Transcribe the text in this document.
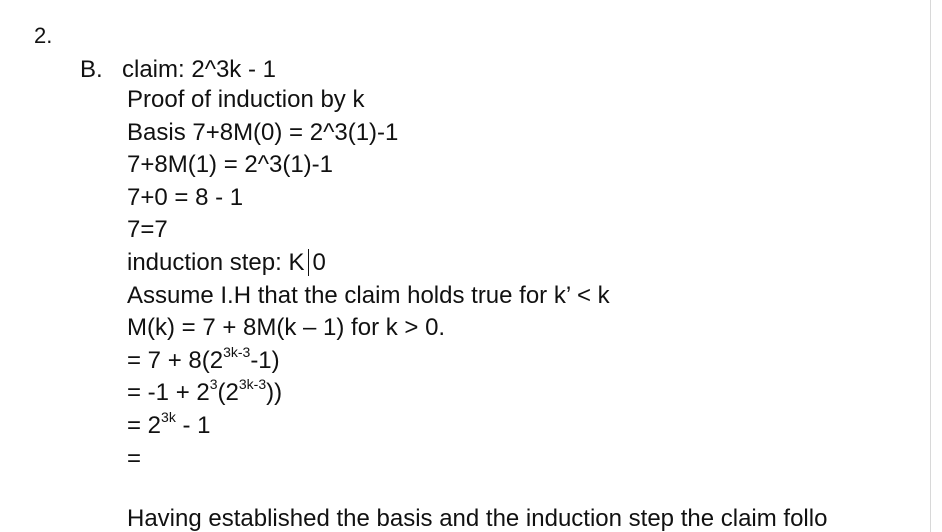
2.
B. claim: 2^3k - 1
Proof of induction by k
Basis 7+8M(0) = 2^3(1)-1
7+8M(1) = 2^3(1)-1
7+0 = 8 - 1
7=7
induction step: K 0
Assume I.H that the claim holds true for k’ < k
M(k) = 7 + 8M(k – 1) for k > 0.
= $7 + 8(2^{3k-3}-1)$
= $-1 + 2^3(2^{3k-3})$)
= $2^{3k} - 1$
=
Having established the basis and the induction step the claim follo
